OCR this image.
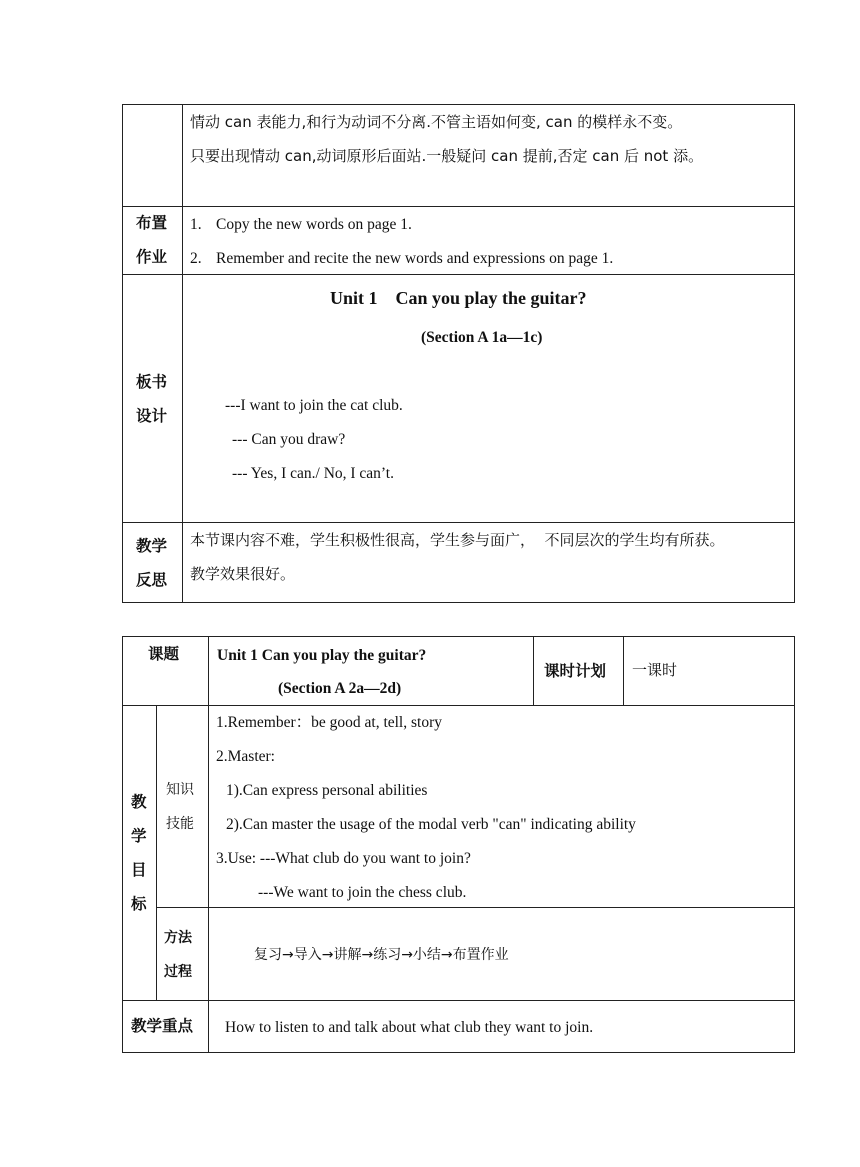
情动 can 表能力,和行为动词不分离.不管主语如何变, can 的模样永不变。
只要出现情动 can,动词原形后面站.一般疑问 can 提前,否定 can 后 not 添。
布置
作业
1. Copy the new words on page 1.
2. Remember and recite the new words and expressions on page 1.
板书
设计
Unit 1    Can you play the guitar?
(Section A 1a—1c)
---I want to join the cat club.
--- Can you draw?
--- Yes, I can./ No, I can’t.
教学
反思
本节课内容不难，学生积极性很高，学生参与面广，  不同层次的学生均有所获。
教学效果很好。
课题 Unit 1 Can you play the guitar?
(Section A 2a—2d)
课时计划 一课时
教
学
目
标
知识
技能
1.Remember：be good at, tell, story
2.Master:
1).Can express personal abilities
2).Can master the usage of the modal verb "can" indicating ability
3.Use: ---What club do you want to join?
---We want to join the chess club.
方法
过程
复习→导入→讲解→练习→小结→布置作业
教学重点 How to listen to and talk about what club they want to join.
